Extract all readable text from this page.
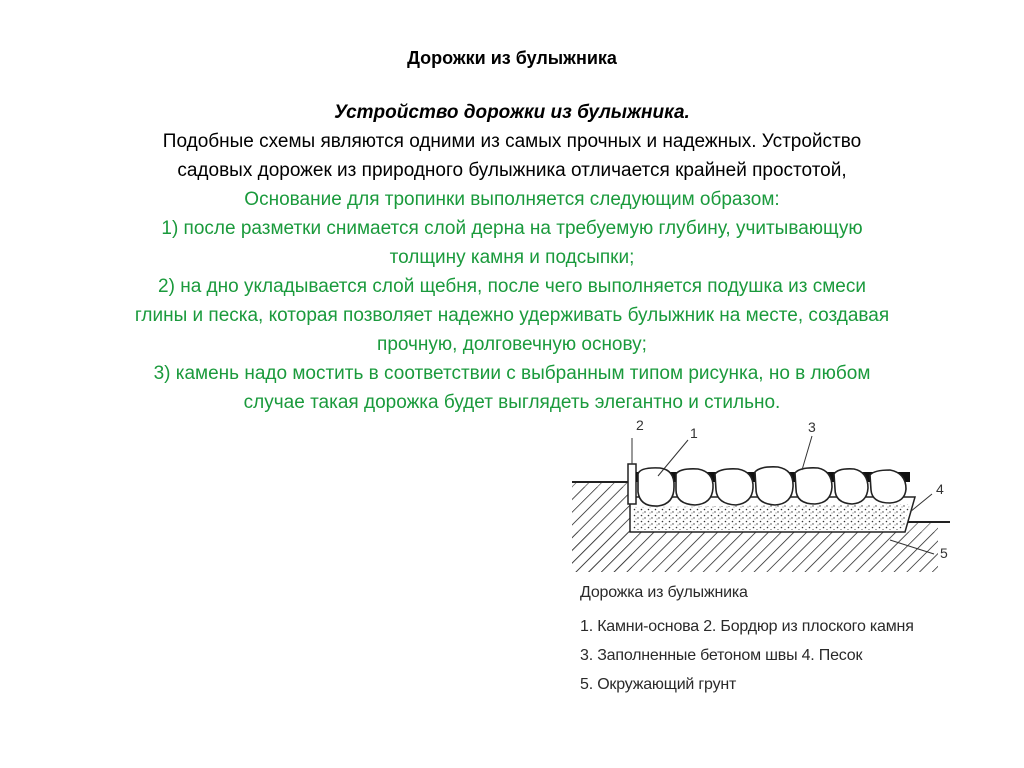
Дорожки из булыжника
Устройство дорожки из булыжника.
Подобные схемы являются одними из самых прочных и надежных. Устройство
садовых дорожек из природного булыжника отличается крайней простотой,
Основание для тропинки выполняется следующим образом:
1) после разметки снимается слой дерна на требуемую глубину, учитывающую
толщину камня и подсыпки;
2) на дно укладывается слой щебня, после чего выполняется подушка из смеси
глины и песка, которая позволяет надежно удерживать булыжник на месте, создавая
прочную, долговечную основу;
3) камень надо мостить в соответствии с выбранным типом рисунка, но в любом
случае такая дорожка будет выглядеть элегантно и стильно.
2	1	3
4
5
Дорожка из булыжника
1. Камни-основа 2. Бордюр из плоского камня
3. Заполненные бетоном швы 4. Песок
5. Окружающий грунт
